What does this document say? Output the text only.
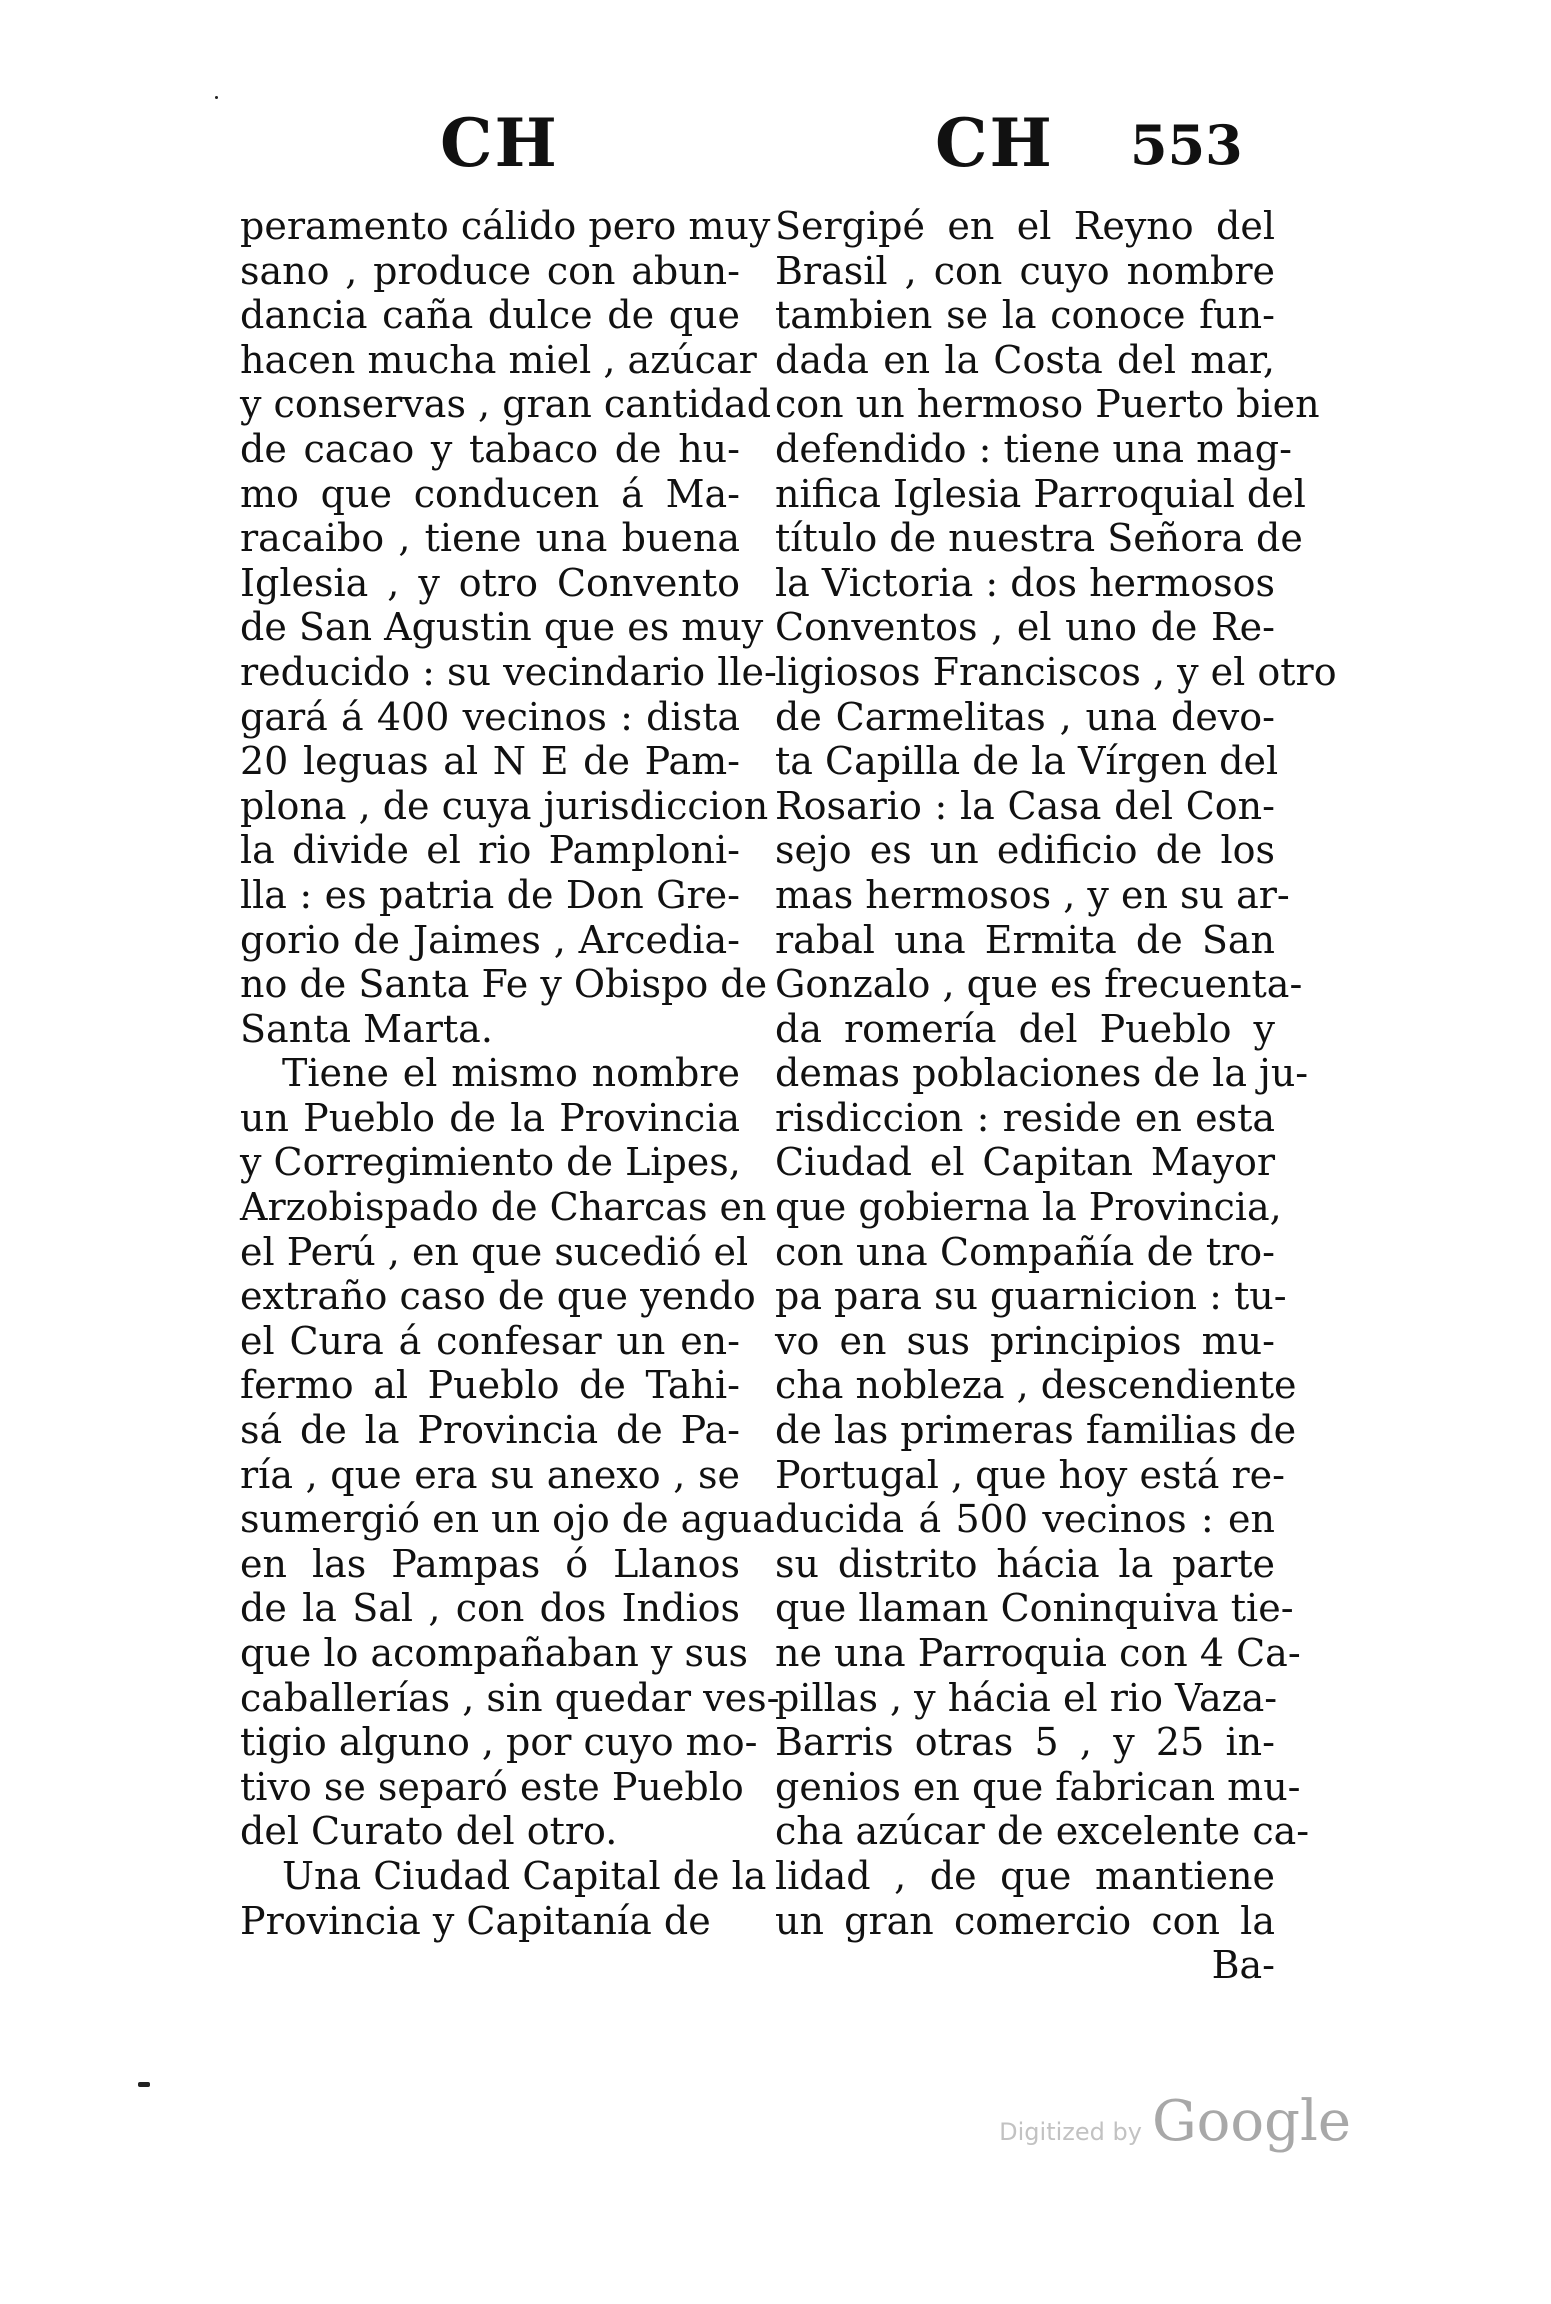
CH	CH 553
peramento cálido pero muy
sano , produce con abun-
dancia caña dulce de que
hacen mucha miel , azúcar
y conservas , gran cantidad
de cacao y tabaco de hu-
mo que conducen á Ma-
racaibo , tiene una buena
Iglesia , y otro Convento
de San Agustin que es muy
reducido : su vecindario lle-
gará á 400 vecinos : dista
20 leguas al N E de Pam-
plona , de cuya jurisdiccion
la divide el rio Pamploni-
lla : es patria de Don Gre-
gorio de Jaimes , Arcedia-
no de Santa Fe y Obispo de
Santa Marta.
Tiene el mismo nombre
un Pueblo de la Provincia
y Corregimiento de Lipes,
Arzobispado de Charcas en
el Perú , en que sucedió el
extraño caso de que yendo
el Cura á confesar un en-
fermo al Pueblo de Tahi-
sá de la Provincia de Pa-
ría , que era su anexo , se
sumergió en un ojo de agua
en las Pampas ó Llanos
de la Sal , con dos Indios
que lo acompañaban y sus
caballerías , sin quedar ves-
tigio alguno , por cuyo mo-
tivo se separó este Pueblo
del Curato del otro.
Una Ciudad Capital de la
Provincia y Capitanía de
Sergipé en el Reyno del
Brasil , con cuyo nombre
tambien se la conoce fun-
dada en la Costa del mar,
con un hermoso Puerto bien
defendido : tiene una mag-
nifica Iglesia Parroquial del
título de nuestra Señora de
la Victoria : dos hermosos
Conventos , el uno de Re-
ligiosos Franciscos , y el otro
de Carmelitas , una devo-
ta Capilla de la Vírgen del
Rosario : la Casa del Con-
sejo es un edificio de los
mas hermosos , y en su ar-
rabal una Ermita de San
Gonzalo , que es frecuenta-
da romería del Pueblo y
demas poblaciones de la ju-
risdiccion : reside en esta
Ciudad el Capitan Mayor
que gobierna la Provincia,
con una Compañía de tro-
pa para su guarnicion : tu-
vo en sus principios mu-
cha nobleza , descendiente
de las primeras familias de
Portugal , que hoy está re-
ducida á 500 vecinos : en
su distrito hácia la parte
que llaman Coninquiva tie-
ne una Parroquia con 4 Ca-
pillas , y hácia el rio Vaza-
Barris otras 5 , y 25 in-
genios en que fabrican mu-
cha azúcar de excelente ca-
lidad , de que mantiene
un gran comercio con la
Ba-
Digitized by Google
